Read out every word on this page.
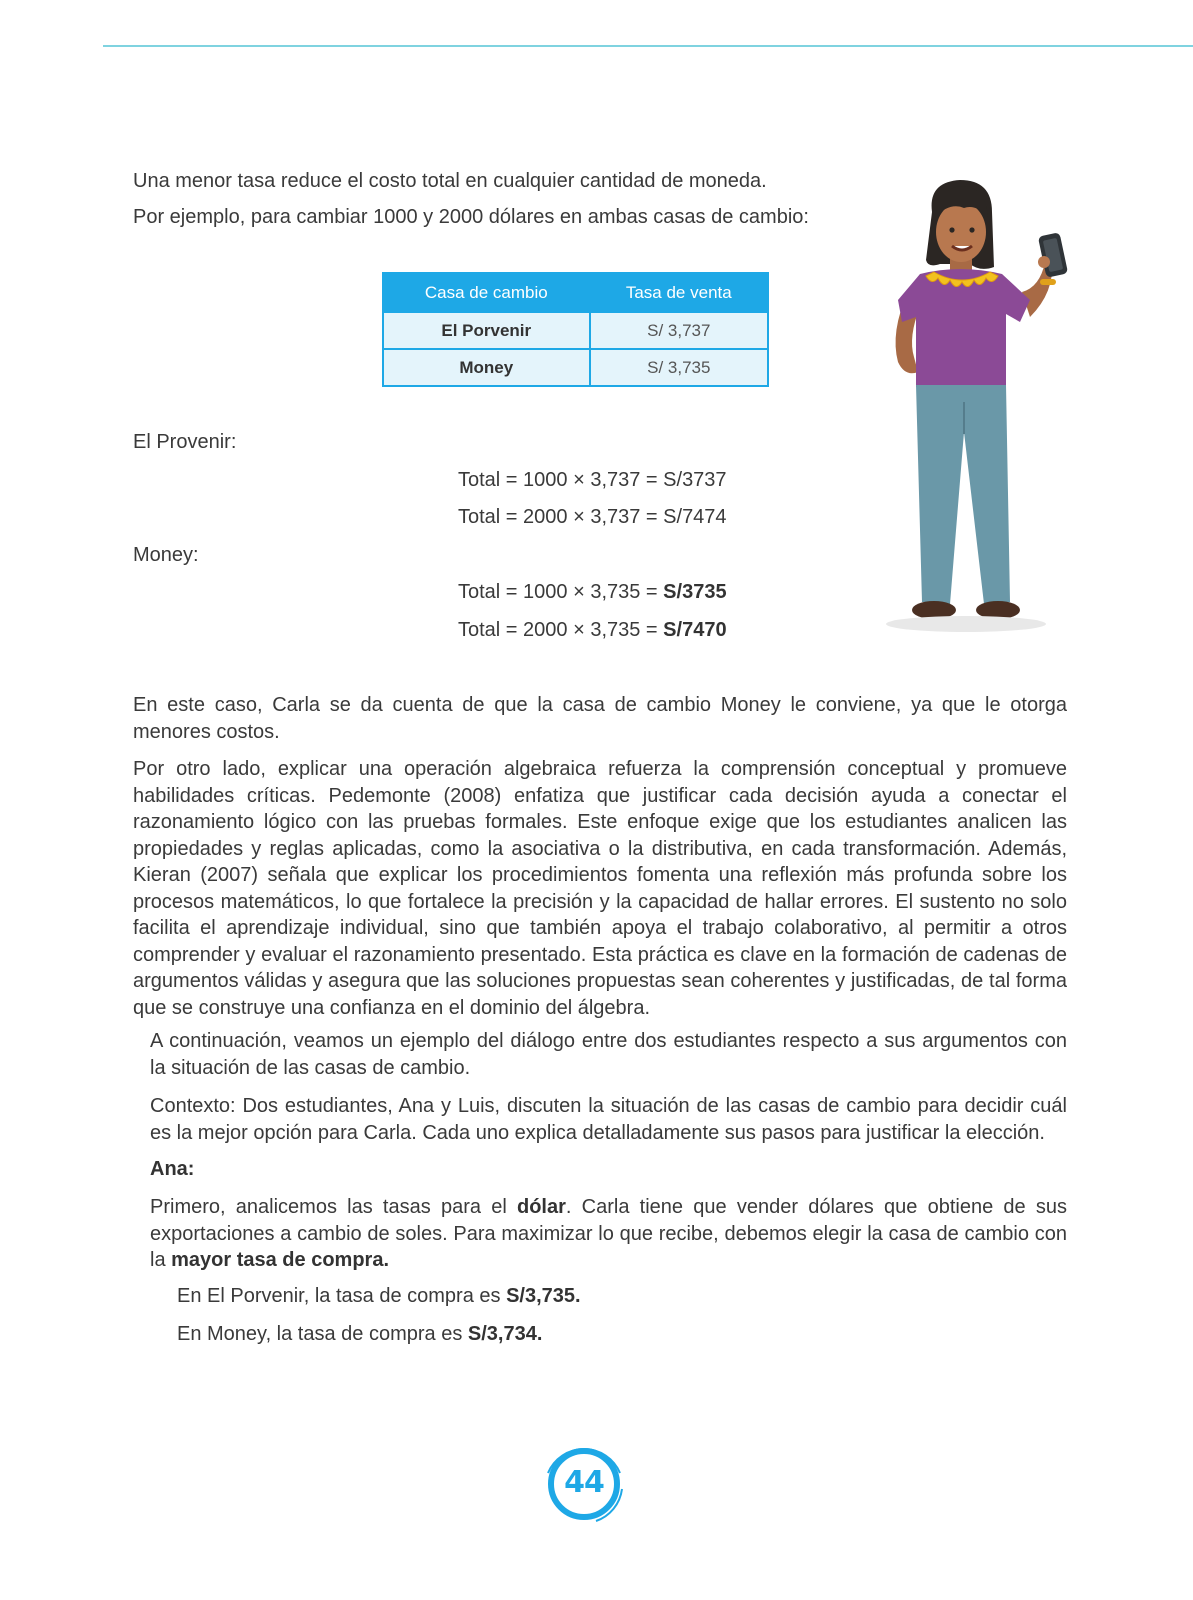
Una menor tasa reduce el costo total en cualquier cantidad de moneda.

Por ejemplo, para cambiar 1000 y 2000 dólares en ambas casas de cambio:

Casa de cambio	Tasa de venta
El Porvenir	S/ 3,737
Money	S/ 3,735

El Provenir:

Total = 1000 × 3,737 = S/3737
Total = 2000 × 3,737 = S/7474

Money:

Total = 1000 × 3,735 = S/3735
Total = 2000 × 3,735 = S/7470

En este caso, Carla se da cuenta de que la casa de cambio Money le conviene, ya que le otorga menores costos.

Por otro lado, explicar una operación algebraica refuerza la comprensión conceptual y promueve habilidades críticas. Pedemonte (2008) enfatiza que justificar cada decisión ayuda a conectar el razonamiento lógico con las pruebas formales. Este enfoque exige que los estudiantes analicen las propiedades y reglas aplicadas, como la asociativa o la distributiva, en cada transformación. Además, Kieran (2007) señala que explicar los procedimientos fomenta una reflexión más profunda sobre los procesos matemáticos, lo que fortalece la precisión y la capacidad de hallar errores. El sustento no solo facilita el aprendizaje individual, sino que también apoya el trabajo colaborativo, al permitir a otros comprender y evaluar el razonamiento presentado. Esta práctica es clave en la formación de cadenas de argumentos válidas y asegura que las soluciones propuestas sean coherentes y justificadas, de tal forma que se construye una confianza en el dominio del álgebra.

A continuación, veamos un ejemplo del diálogo entre dos estudiantes respecto a sus argumentos con la situación de las casas de cambio.

Contexto: Dos estudiantes, Ana y Luis, discuten la situación de las casas de cambio para decidir cuál es la mejor opción para Carla. Cada uno explica detalladamente sus pasos para justificar la elección.

Ana:

Primero, analicemos las tasas para el dólar. Carla tiene que vender dólares que obtiene de sus exportaciones a cambio de soles. Para maximizar lo que recibe, debemos elegir la casa de cambio con la mayor tasa de compra.

En El Porvenir, la tasa de compra es S/3,735.

En Money, la tasa de compra es S/3,734.

44
